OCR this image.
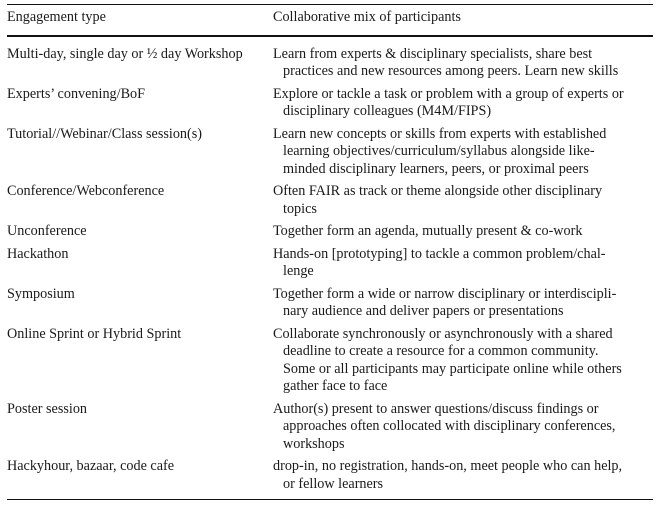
Engagement type	Collaborative mix of participants
Multi-day, single day or ½ day Workshop	Learn from experts & disciplinary specialists, share best
practices and new resources among peers. Learn new skills
Experts’ convening/BoF	Explore or tackle a task or problem with a group of experts or
disciplinary colleagues (M4M/FIPS)
Tutorial//Webinar/Class session(s)	Learn new concepts or skills from experts with established
learning objectives/curriculum/syllabus alongside like-
minded disciplinary learners, peers, or proximal peers
Conference/Webconference	Often FAIR as track or theme alongside other disciplinary
topics
Unconference	Together form an agenda, mutually present & co-work
Hackathon	Hands-on [prototyping] to tackle a common problem/chal-
lenge
Symposium	Together form a wide or narrow disciplinary or interdiscipli-
nary audience and deliver papers or presentations
Online Sprint or Hybrid Sprint	Collaborate synchronously or asynchronously with a shared
deadline to create a resource for a common community.
Some or all participants may participate online while others
gather face to face
Poster session	Author(s) present to answer questions/discuss findings or
approaches often collocated with disciplinary conferences,
workshops
Hackyhour, bazaar, code cafe	drop-in, no registration, hands-on, meet people who can help,
or fellow learners
